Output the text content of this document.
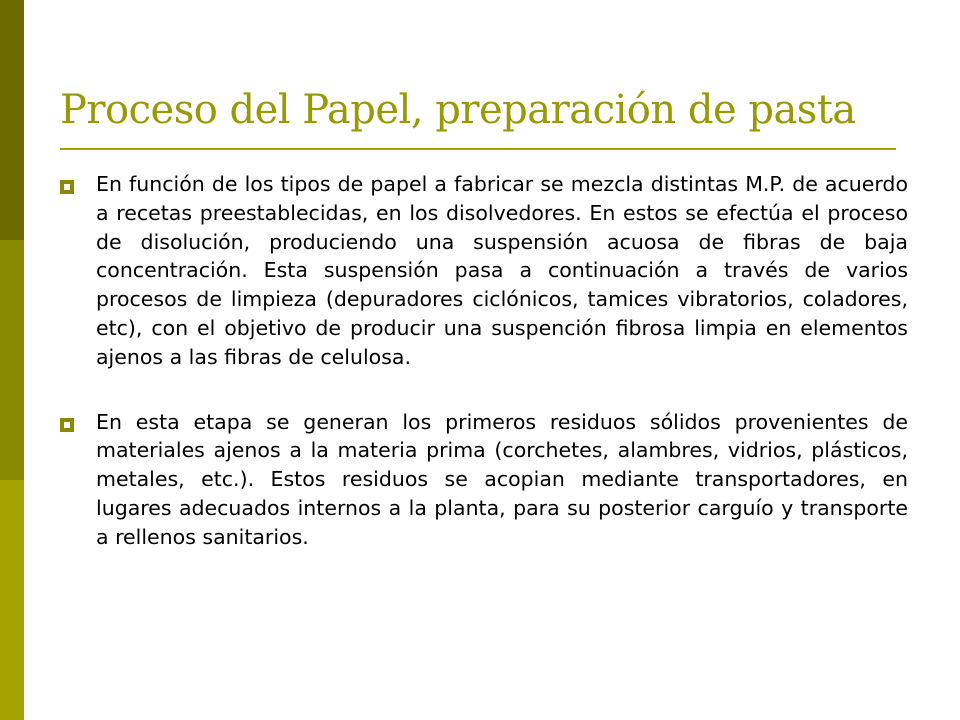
Proceso del Papel, preparación de pasta

En función de los tipos de papel a fabricar se mezcla distintas M.P. de acuerdo a recetas preestablecidas, en los disolvedores. En estos se efectúa el proceso de disolución, produciendo una suspensión acuosa de fibras de baja concentración. Esta suspensión pasa a continuación a través de varios procesos de limpieza (depuradores ciclónicos, tamices vibratorios, coladores, etc), con el objetivo de producir una suspención fibrosa limpia en elementos ajenos a las fibras de celulosa.

En esta etapa se generan los primeros residuos sólidos provenientes de materiales ajenos a la materia prima (corchetes, alambres, vidrios, plásticos, metales, etc.). Estos residuos se acopian mediante transportadores, en lugares adecuados internos a la planta, para su posterior carguío y transporte a rellenos sanitarios.
